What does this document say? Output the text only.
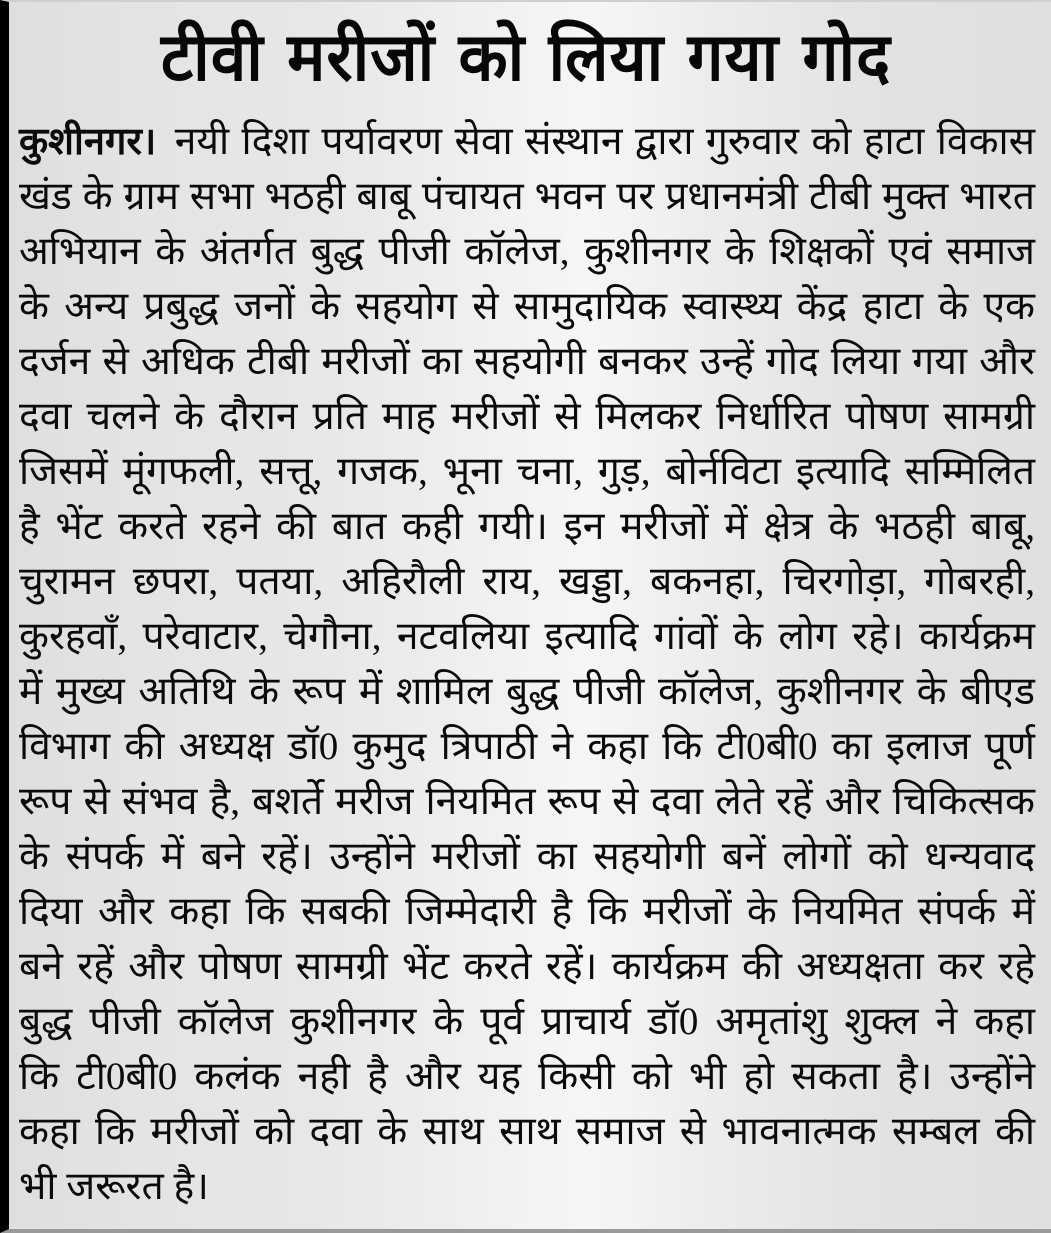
टीवी मरीजों को लिया गया गोद
कुशीनगर। नयी दिशा पर्यावरण सेवा संस्थान द्वारा गुरुवार को हाटा विकास
खंड के ग्राम सभा भठही बाबू पंचायत भवन पर प्रधानमंत्री टीबी मुक्त भारत
अभियान के अंतर्गत बुद्ध पीजी कॉलेज, कुशीनगर के शिक्षकों एवं समाज
के अन्य प्रबुद्ध जनों के सहयोग से सामुदायिक स्वास्थ्य केंद्र हाटा के एक
दर्जन से अधिक टीबी मरीजों का सहयोगी बनकर उन्हें गोद लिया गया और
दवा चलने के दौरान प्रति माह मरीजों से मिलकर निर्धारित पोषण सामग्री
जिसमें मूंगफली, सत्तू, गजक, भूना चना, गुड़, बोर्नविटा इत्यादि सम्मिलित
है भेंट करते रहने की बात कही गयी। इन मरीजों में क्षेत्र के भठही बाबू,
चुरामन छपरा, पतया, अहिरौली राय, खड्डा, बकनहा, चिरगोड़ा, गोबरही,
कुरहवाँ, परेवाटार, चेगौना, नटवलिया इत्यादि गांवों के लोग रहे। कार्यक्रम
में मुख्य अतिथि के रूप में शामिल बुद्ध पीजी कॉलेज, कुशीनगर के बीएड
विभाग की अध्यक्ष डॉ0 कुमुद त्रिपाठी ने कहा कि टी0बी0 का इलाज पूर्ण
रूप से संभव है, बशर्ते मरीज नियमित रूप से दवा लेते रहें और चिकित्सक
के संपर्क में बने रहें। उन्होंने मरीजों का सहयोगी बनें लोगों को धन्यवाद
दिया और कहा कि सबकी जिम्मेदारी है कि मरीजों के नियमित संपर्क में
बने रहें और पोषण सामग्री भेंट करते रहें। कार्यक्रम की अध्यक्षता कर रहे
बुद्ध पीजी कॉलेज कुशीनगर के पूर्व प्राचार्य डॉ0 अमृतांशु शुक्ल ने कहा
कि टी0बी0 कलंक नही है और यह किसी को भी हो सकता है। उन्होंने
कहा कि मरीजों को दवा के साथ साथ समाज से भावनात्मक सम्बल की
भी जरूरत है।
